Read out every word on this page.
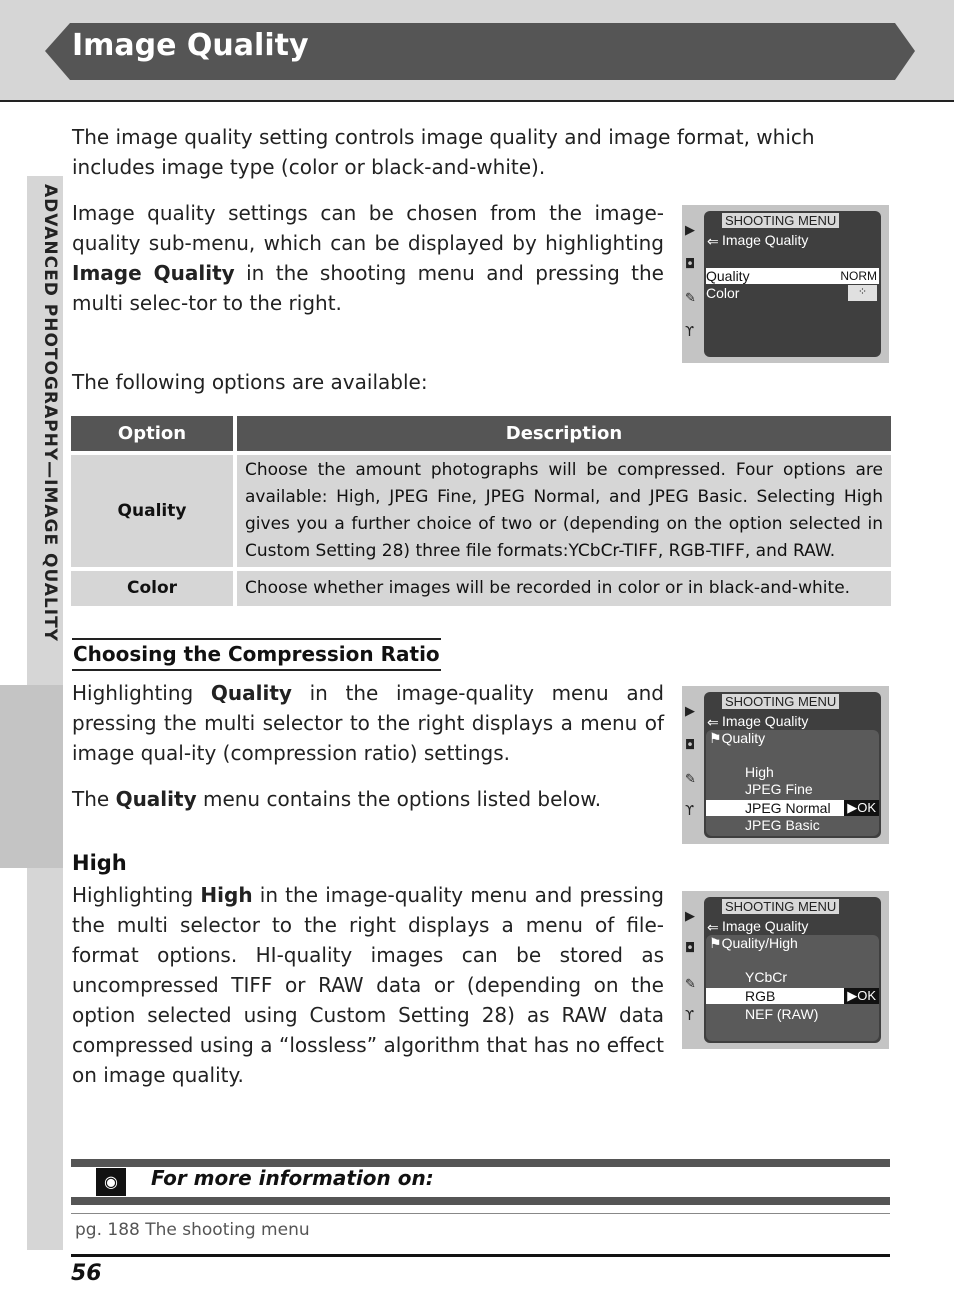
Image Quality
ADVANCED PHOTOGRAPHY—IMAGE QUALITY
The image quality setting controls image quality and image format, which includes image type (color or black-and-white).
Image quality settings can be chosen from the image-quality sub-menu, which can be displayed by highlighting Image Quality in the shooting menu and pressing the multi selec-tor to the right.
▶
◘
✎
ϒ
SHOOTING MENU
⇐ Image Quality
Quality	NORM
Color	⁘
The following options are available:
Option		Description
Quality		Choose the amount photographs will be compressed. Four options are available: High, JPEG Fine, JPEG Normal, and JPEG Basic. Selecting High gives you a further choice of two or (depending on the option selected in Custom Setting 28) three file formats:YCbCr-TIFF, RGB-TIFF, and RAW.
Color		Choose whether images will be recorded in color or in black-and-white.
Choosing the Compression Ratio
Highlighting Quality in the image-quality menu and pressing the multi selector to the right displays a menu of image qual-ity (compression ratio) settings.
The Quality menu contains the options listed below.
▶
◘
✎
ϒ
SHOOTING MENU
⇐ Image Quality
⚑Quality
High
JPEG Fine
JPEG Normal ▶OK
JPEG Basic
High
Highlighting High in the image-quality menu and pressing the multi selector to the right displays a menu of file-format options. HI-quality images can be stored as uncompressed TIFF or RAW data or (depending on the option selected using Custom Setting 28) as RAW data compressed using a “lossless” algorithm that has no effect on image quality.
▶
◘
✎
ϒ
SHOOTING MENU
⇐ Image Quality
⚑Quality/High
YCbCr
RGB	▶OK
NEF (RAW)
◉	For more information on:
pg. 188 The shooting menu
56
